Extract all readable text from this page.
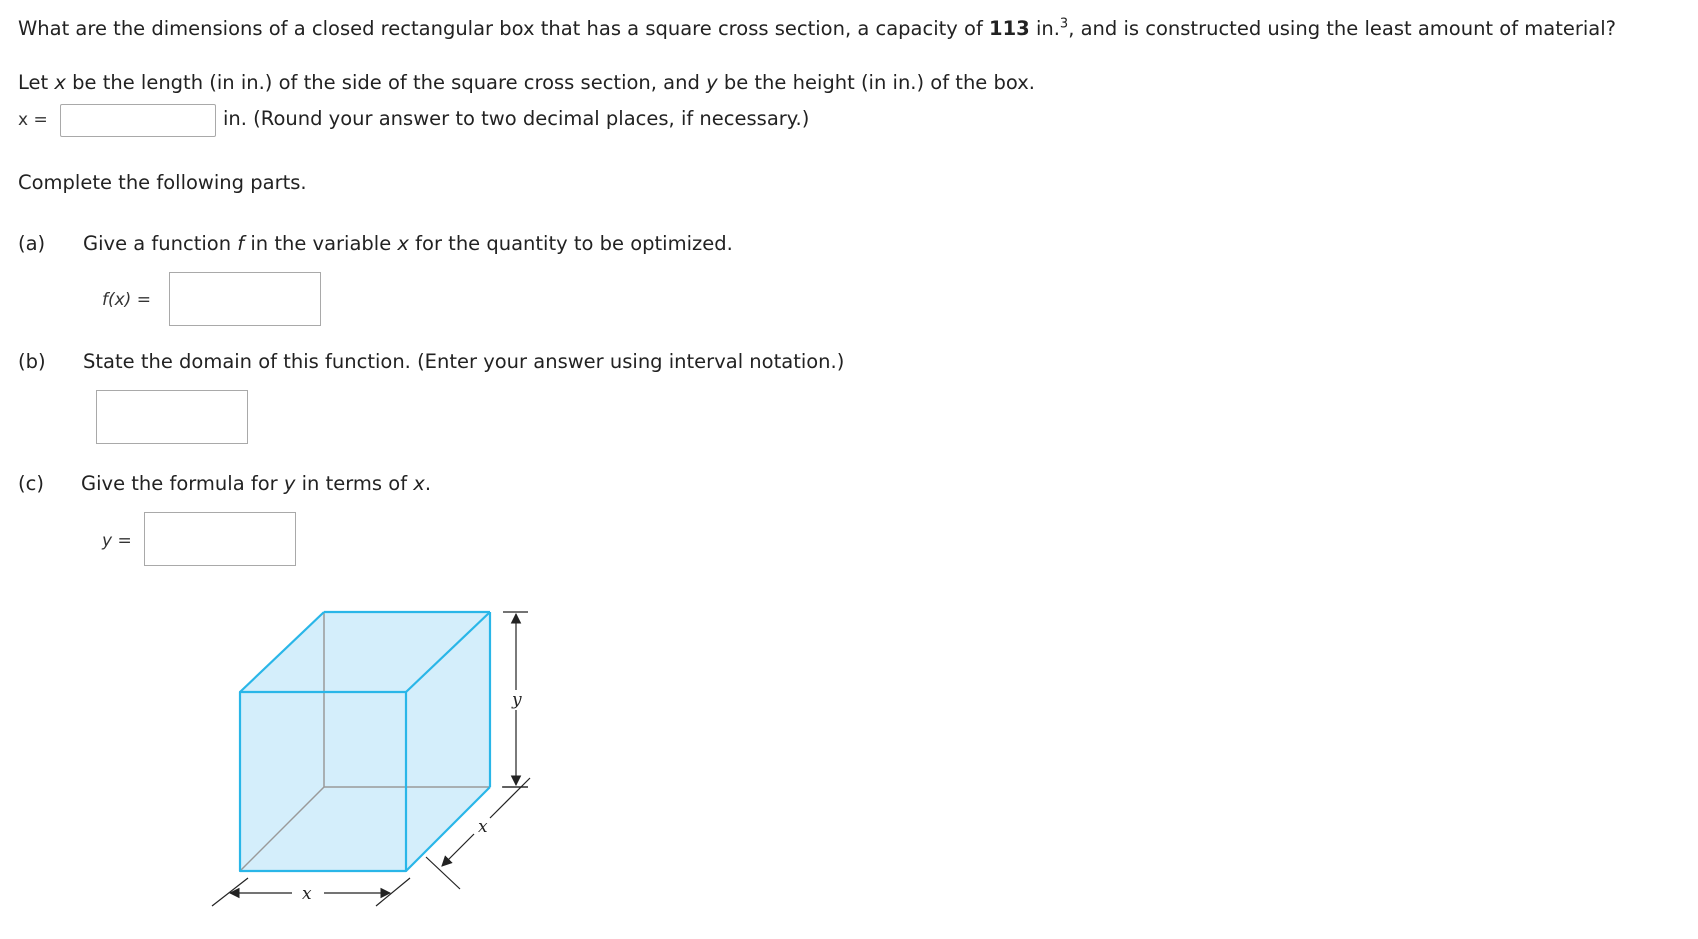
What are the dimensions of a closed rectangular box that has a square cross section, a capacity of 113 in.$^3$, and is constructed using the least amount of material?
Let x be the length (in in.) of the side of the square cross section, and y be the height (in in.) of the box.
x =	in. (Round your answer to two decimal places, if necessary.)
Complete the following parts.
(a) Give a function f in the variable x for the quantity to be optimized.
f(x) =
(b) State the domain of this function. (Enter your answer using interval notation.)
(c) Give the formula for y in terms of x.
y =
y
x
x
